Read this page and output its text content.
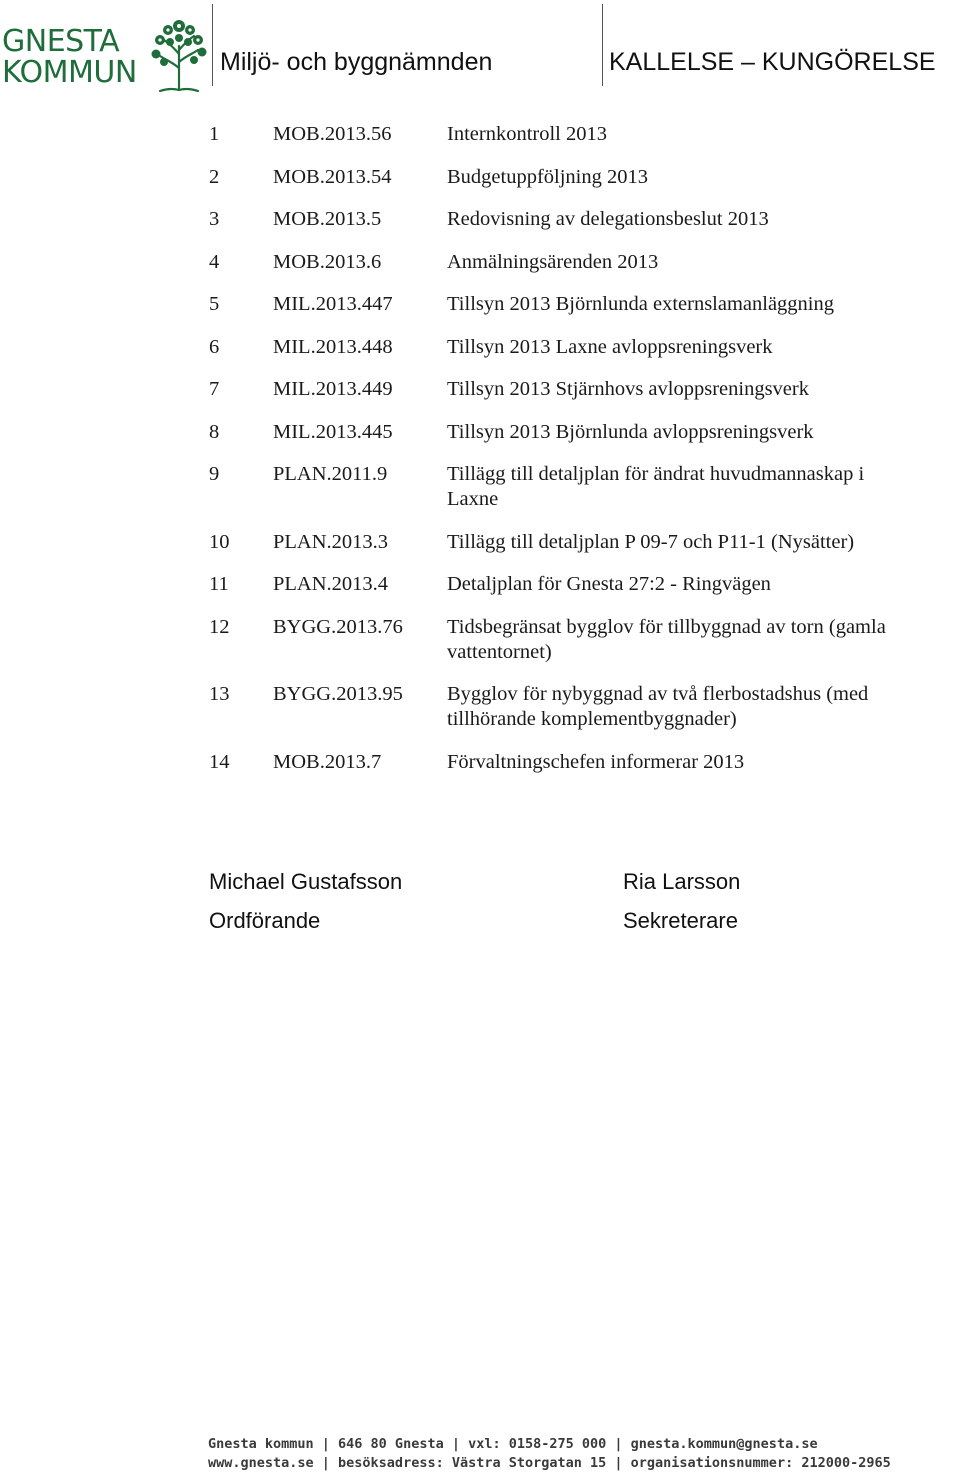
GNESTA
KOMMUN	Miljö- och byggnämnden	KALLELSE – KUNGÖRELSE
1	MOB.2013.56	Internkontroll 2013
2	MOB.2013.54	Budgetuppföljning 2013
3	MOB.2013.5	Redovisning av delegationsbeslut 2013
4	MOB.2013.6	Anmälningsärenden 2013
5	MIL.2013.447	Tillsyn 2013 Björnlunda externslamanläggning
6	MIL.2013.448	Tillsyn 2013 Laxne avloppsreningsverk
7	MIL.2013.449	Tillsyn 2013 Stjärnhovs avloppsreningsverk
8	MIL.2013.445	Tillsyn 2013 Björnlunda avloppsreningsverk
9	PLAN.2011.9	Tillägg till detaljplan för ändrat huvudmannaskap i Laxne
10 PLAN.2013.3	Tillägg till detaljplan P 09-7 och P11-1 (Nysätter)
11 PLAN.2013.4	Detaljplan för Gnesta 27:2 - Ringvägen
12 BYGG.2013.76 Tidsbegränsat bygglov för tillbyggnad av torn (gamla vattentornet)
13 BYGG.2013.95 Bygglov för nybyggnad av två flerbostadshus (med tillhörande komplementbyggnader)
14 MOB.2013.7	Förvaltningschefen informerar 2013
Michael Gustafsson
Ordförande
Ria Larsson
Sekreterare
Gnesta kommun | 646 80 Gnesta | vxl: 0158-275 000 | gnesta.kommun@gnesta.se
www.gnesta.se | besöksadress: Västra Storgatan 15 | organisationsnummer: 212000-2965
